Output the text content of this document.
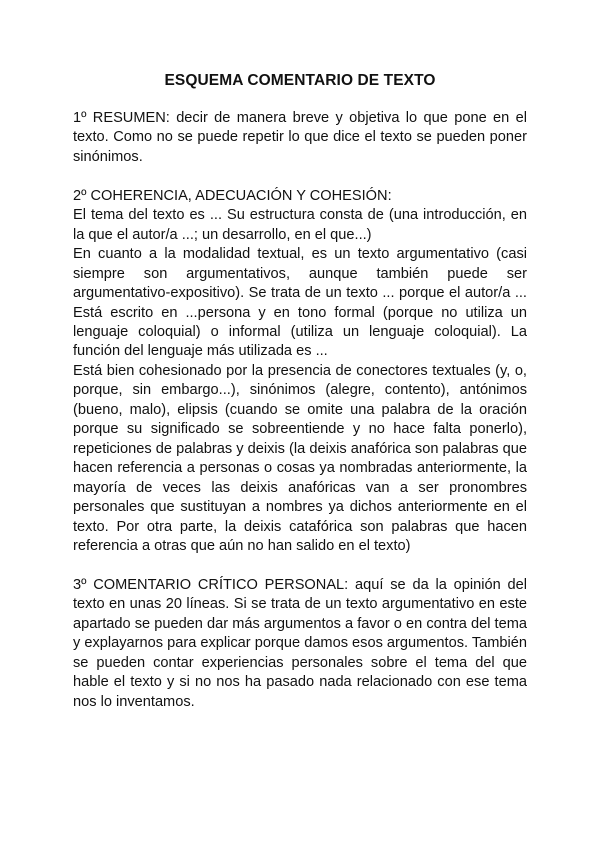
ESQUEMA COMENTARIO DE TEXTO

1º RESUMEN: decir de manera breve y objetiva lo que pone en el texto. Como no se puede repetir lo que dice el texto se pueden poner sinónimos.

2º COHERENCIA, ADECUACIÓN Y COHESIÓN:

El tema del texto es ... Su estructura consta de (una introducción, en la que el autor/a ...; un desarrollo, en el que...)

En cuanto a la modalidad textual, es un texto argumentativo (casi siempre son argumentativos, aunque también puede ser argumentativo-expositivo). Se trata de un texto ... porque el autor/a ... Está escrito en ...persona y en tono formal (porque no utiliza un lenguaje coloquial) o informal (utiliza un lenguaje coloquial). La función del lenguaje más utilizada es ...

Está bien cohesionado por la presencia de conectores textuales (y, o, porque, sin embargo...), sinónimos (alegre, contento), antónimos (bueno, malo), elipsis (cuando se omite una palabra de la oración porque su significado se sobreentiende y no hace falta ponerlo), repeticiones de palabras y deixis (la deixis anafórica son palabras que hacen referencia a personas o cosas ya nombradas anteriormente, la mayoría de veces las deixis anafóricas van a ser pronombres personales que sustituyan a nombres ya dichos anteriormente en el texto. Por otra parte, la deixis catafórica son palabras que hacen referencia a otras que aún no han salido en el texto)

3º COMENTARIO CRÍTICO PERSONAL: aquí se da la opinión del texto en unas 20 líneas. Si se trata de un texto argumentativo en este apartado se pueden dar más argumentos a favor o en contra del tema y explayarnos para explicar porque damos esos argumentos. También se pueden contar experiencias personales sobre el tema del que hable el texto y si no nos ha pasado nada relacionado con ese tema nos lo inventamos.
